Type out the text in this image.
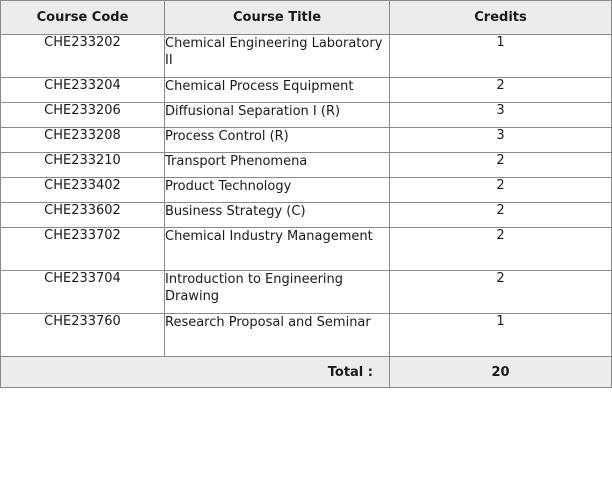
Course Code	Course Title	Credits
CHE233202	Chemical Engineering Laboratory II	1
CHE233204	Chemical Process Equipment	2
CHE233206	Diffusional Separation I (R)	3
CHE233208	Process Control (R)	3
CHE233210	Transport Phenomena	2
CHE233402	Product Technology	2
CHE233602	Business Strategy (C)	2
CHE233702	Chemical Industry Management	2
CHE233704	Introduction to Engineering Drawing	2
CHE233760	Research Proposal and Seminar	1
Total :		20
